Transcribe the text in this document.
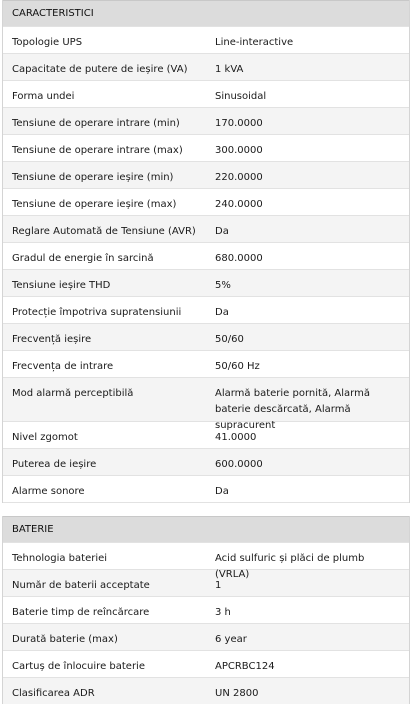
CARACTERISTICI
Topologie UPS	Line-interactive
Capacitate de putere de ieșire (VA)	1 kVA
Forma undei	Sinusoidal
Tensiune de operare intrare (min)	170.0000
Tensiune de operare intrare (max)	300.0000
Tensiune de operare ieșire (min)	220.0000
Tensiune de operare ieșire (max)	240.0000
Reglare Automată de Tensiune (AVR)	Da
Gradul de energie în sarcină	680.0000
Tensiune ieșire THD	5%
Protecție împotriva supratensiunii	Da
Frecvență ieșire	50/60
Frecvența de intrare	50/60 Hz
Mod alarmă perceptibilă	Alarmă baterie pornită, Alarmă baterie descărcată, Alarmă supracurent
Nivel zgomot	41.0000
Puterea de ieșire	600.0000
Alarme sonore	Da
BATERIE
Tehnologia bateriei	Acid sulfuric și plăci de plumb (VRLA)
Număr de baterii acceptate	1
Baterie timp de reîncărcare	3 h
Durată baterie (max)	6 year
Cartuș de înlocuire baterie	APCRBC124
Clasificarea ADR	UN 2800
